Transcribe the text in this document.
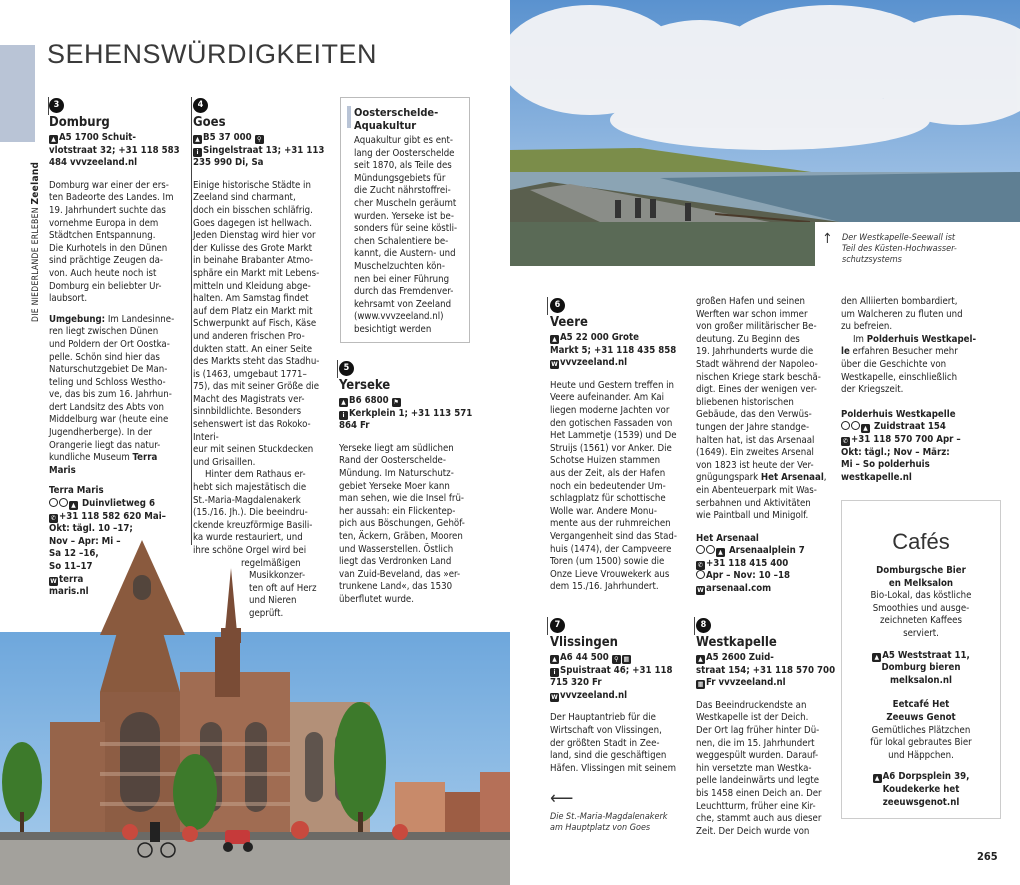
DIE NIEDERLANDE ERLEBEN Zeeland
SEHENSWÜRDIGKEITEN
3
Domburg
▲ A5 1700 Schuit-
vlotstraat 32; +31 118 583
484 vvvzeeland.nl
Domburg war einer der ers-
ten Badeorte des Landes. Im
19. Jahrhundert suchte das
vornehme Europa in dem
Städtchen Entspannung.
Die Kurhotels in den Dünen
sind prächtige Zeugen da-
von. Auch heute noch ist
Domburg ein beliebter Ur-
laubsort.
Umgebung: Im Landesinne-
ren liegt zwischen Dünen
und Poldern der Ort Oostka-
pelle. Schön sind hier das
Naturschutzgebiet De Man-
teling und Schloss Westho-
ve, das bis zum 16. Jahrhun-
dert Landsitz des Abts von
Middelburg war (heute eine
Jugendherberge). In der
Orangerie liegt das natur-
kundliche Museum Terra
Maris
Terra Maris
▲ Duinvlietweg 6
✆ +31 118 582 620 Mai–
Okt: tägl. 10 –17;
Nov – Apr: Mi –
Sa 12 –16,
So 11–17
W terra
maris.nl
4
Goes
▲ B5 37 000 ⚲
i Singelstraat 13; +31 113
235 990 Di, Sa
Einige historische Städte in
Zeeland sind charmant,
doch ein bisschen schläfrig.
Goes dagegen ist hellwach.
Jeden Dienstag wird hier vor
der Kulisse des Grote Markt
in beinahe Brabanter Atmo-
sphäre ein Markt mit Lebens-
mitteln und Kleidung abge-
halten. Am Samstag findet
auf dem Platz ein Markt mit
Schwerpunkt auf Fisch, Käse
und anderen frischen Pro-
dukten statt. An einer Seite
des Markts steht das Stadhu-
is (1463, umgebaut 1771–
75), das mit seiner Größe die
Macht des Magistrats ver-
sinnbildlichte. Besonders
sehenswert ist das Rokoko-Interi-
eur mit seinen Stuckdecken
und Grisaillen.
Hinter dem Rathaus er-
hebt sich majestätisch die
St.-Maria-Magdalenakerk
(15./16. Jh.). Die beeindru-
ckende kreuzförmige Basili-
ka wurde restauriert, und
ihre schöne Orgel wird bei
regelmäßigen
Musikkonzer-
ten oft auf Herz
und Nieren
geprüft.
Oosterschelde-
Aquakultur
Aquakultur gibt es ent-
lang der Oosterschelde
seit 1870, als Teile des
Mündungsgebiets für
die Zucht nährstoffrei-
cher Muscheln geräumt
wurden. Yerseke ist be-
sonders für seine köstli-
chen Schalentiere be-
kannt, die Austern- und
Muschelzuchten kön-
nen bei einer Führung
durch das Fremdenver-
kehrsamt von Zeeland
(www.vvvzeeland.nl)
besichtigt werden
5
Yerseke
▲ B6 6800 ⚑
i Kerkplein 1; +31 113 571
864 Fr
Yerseke liegt am südlichen
Rand der Oosterschelde-
Mündung. Im Naturschutz-
gebiet Yerseke Moer kann
man sehen, wie die Insel frü-
her aussah: ein Flickentep-
pich aus Böschungen, Gehöf-
ten, Äckern, Gräben, Mooren
und Wasserstellen. Östlich
liegt das Verdronken Land
van Zuid-Beveland, das »er-
trunkene Land«, das 1530
überflutet wurde.
↑ Der Westkapelle-Seewall ist
Teil des Küsten-Hochwasser-
schutzsystems
6
Veere
▲ A5 22 000 Grote
Markt 5; +31 118 435 858
W vvvzeeland.nl
Heute und Gestern treffen in
Veere aufeinander. Am Kai
liegen moderne Jachten vor
den gotischen Fassaden von
Het Lammetje (1539) und De
Struijs (1561) vor Anker. Die
Schotse Huizen stammen
aus der Zeit, als der Hafen
noch ein bedeutender Um-
schlagplatz für schottische
Wolle war. Andere Monu-
mente aus der ruhmreichen
Vergangenheit sind das Stad-
huis (1474), der Campveere
Toren (um 1500) sowie die
Onze Lieve Vrouwekerk aus
dem 15./16. Jahrhundert.
7
Vlissingen
▲ A6 44 500 ⚲ ▦
i Spuistraat 46; +31 118
715 320 Fr
W vvvzeeland.nl
Der Hauptantrieb für die
Wirtschaft von Vlissingen,
der größten Stadt in Zee-
land, sind die geschäftigen
Häfen. Vlissingen mit seinem
⟵
Die St.-Maria-Magdalenakerk
am Hauptplatz von Goes
großen Hafen und seinen
Werften war schon immer
von großer militärischer Be-
deutung. Zu Beginn des
19. Jahrhunderts wurde die
Stadt während der Napoleo-
nischen Kriege stark beschä-
digt. Eines der wenigen ver-
bliebenen historischen
Gebäude, das den Verwüs-
tungen der Jahre standge-
halten hat, ist das Arsenaal
(1649). Ein zweites Arsenal
von 1823 ist heute der Ver-
gnügungspark Het Arsenaal,
ein Abenteuerpark mit Was-
serbahnen und Aktivitäten
wie Paintball und Minigolf.
Het Arsenaal
▲ Arsenaalplein 7
✆ +31 118 415 400
Apr – Nov: 10 –18
W arsenaal.com
8
Westkapelle
▲ A5 2600 Zuid-
straat 154; +31 118 570 700
▦ Fr vvvzeeland.nl
Das Beeindruckendste an
Westkapelle ist der Deich.
Der Ort lag früher hinter Dü-
nen, die im 15. Jahrhundert
weggespült wurden. Darauf-
hin versetzte man Westka-
pelle landeinwärts und legte
bis 1458 einen Deich an. Der
Leuchtturm, früher eine Kir-
che, stammt auch aus dieser
Zeit. Der Deich wurde von
den Alliierten bombardiert,
um Walcheren zu fluten und
zu befreien.
Im Polderhuis Westkapel-
le erfahren Besucher mehr
über die Geschichte von
Westkapelle, einschließlich
der Kriegszeit.
Polderhuis Westkapelle
▲ Zuidstraat 154
✆ +31 118 570 700 Apr –
Okt: tägl.; Nov – März:
Mi – So polderhuis
westkapelle.nl
Cafés
Domburgsche Bier
en Melksalon
Bio-Lokal, das köstliche
Smoothies und ausge-
zeichneten Kaffees
serviert.
▲ A5 Weststraat 11,
Domburg bieren
melksalon.nl
Eetcafé Het
Zeeuws Genot
Gemütliches Plätzchen
für lokal gebrautes Bier
und Häppchen.
▲ A6 Dorpsplein 39,
Koudekerke het
zeeuwsgenot.nl
265
